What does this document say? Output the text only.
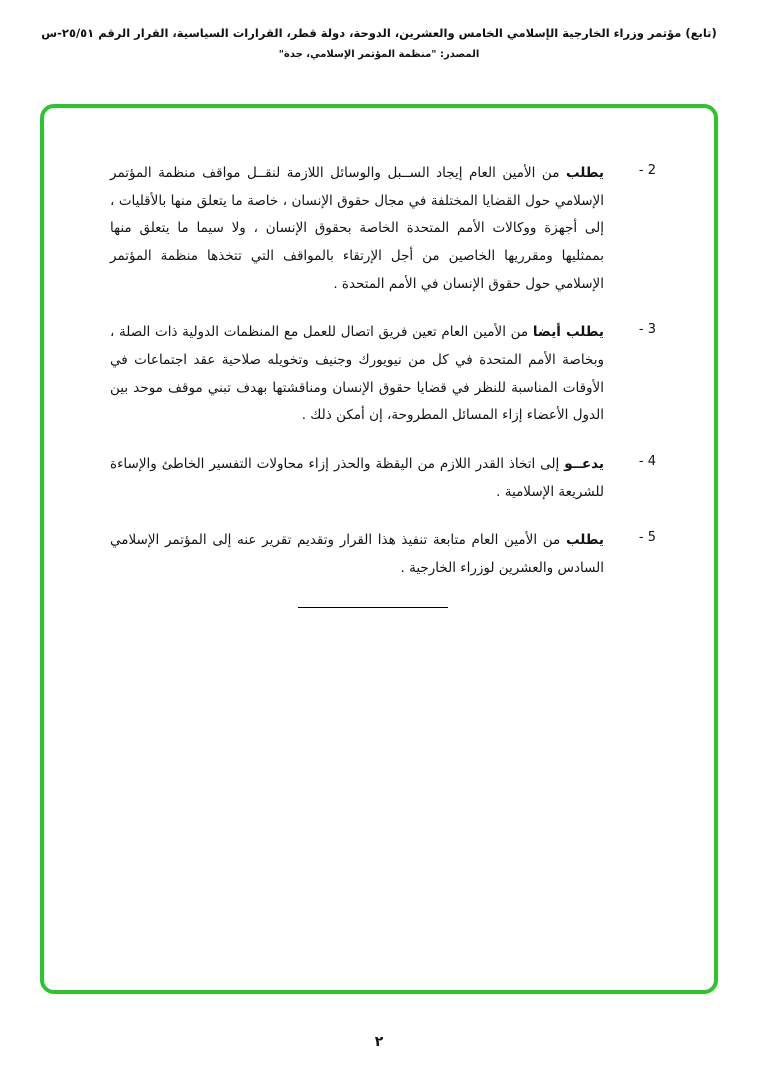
(تابع) مؤتمر وزراء الخارجية الإسلامي الخامس والعشرين، الدوحة، دولة قطر، القرارات السياسية، القرار الرقم ٢٥/٥١-س
المصدر: "منظمة المؤتمر الإسلامي، جدة"
2 -
يطلب من الأمين العام إيجاد الســبل والوسائل اللازمة لنقــل مواقف منظمة المؤتمر الإسلامي حول القضايا المختلفة في مجال حقوق الإنسان ، خاصة ما يتعلق منها بالأقليات ، إلى أجهزة ووكالات الأمم المتحدة الخاصة بحقوق الإنسان ، ولا سيما ما يتعلق منها بممثليها ومقرريها الخاصين من أجل الإرتقاء بالمواقف التي تتخذها منظمة المؤتمر الإسلامي حول حقوق الإنسان في الأمم المتحدة .
3 -
يطلب أيضا من الأمين العام تعين فريق اتصال للعمل مع المنظمات الدولية ذات الصلة ، وبخاصة الأمم المتحدة في كل من نيويورك وجنيف وتخويله صلاحية عقد اجتماعات في الأوقات المناسبة للنظر في قضايا حقوق الإنسان ومناقشتها بهدف تبني موقف موحد بين الدول الأعضاء إزاء المسائل المطروحة، إن أمكن ذلك .
4 -
يدعــو إلى اتخاذ القدر اللازم من اليقظة والحذر إزاء محاولات التفسير الخاطئ والإساءة للشريعة الإسلامية .
5 -
يطلب من الأمين العام متابعة تنفيذ هذا القرار وتقديم تقرير عنه إلى المؤتمر الإسلامي السادس والعشرين لوزراء الخارجية .
٢
